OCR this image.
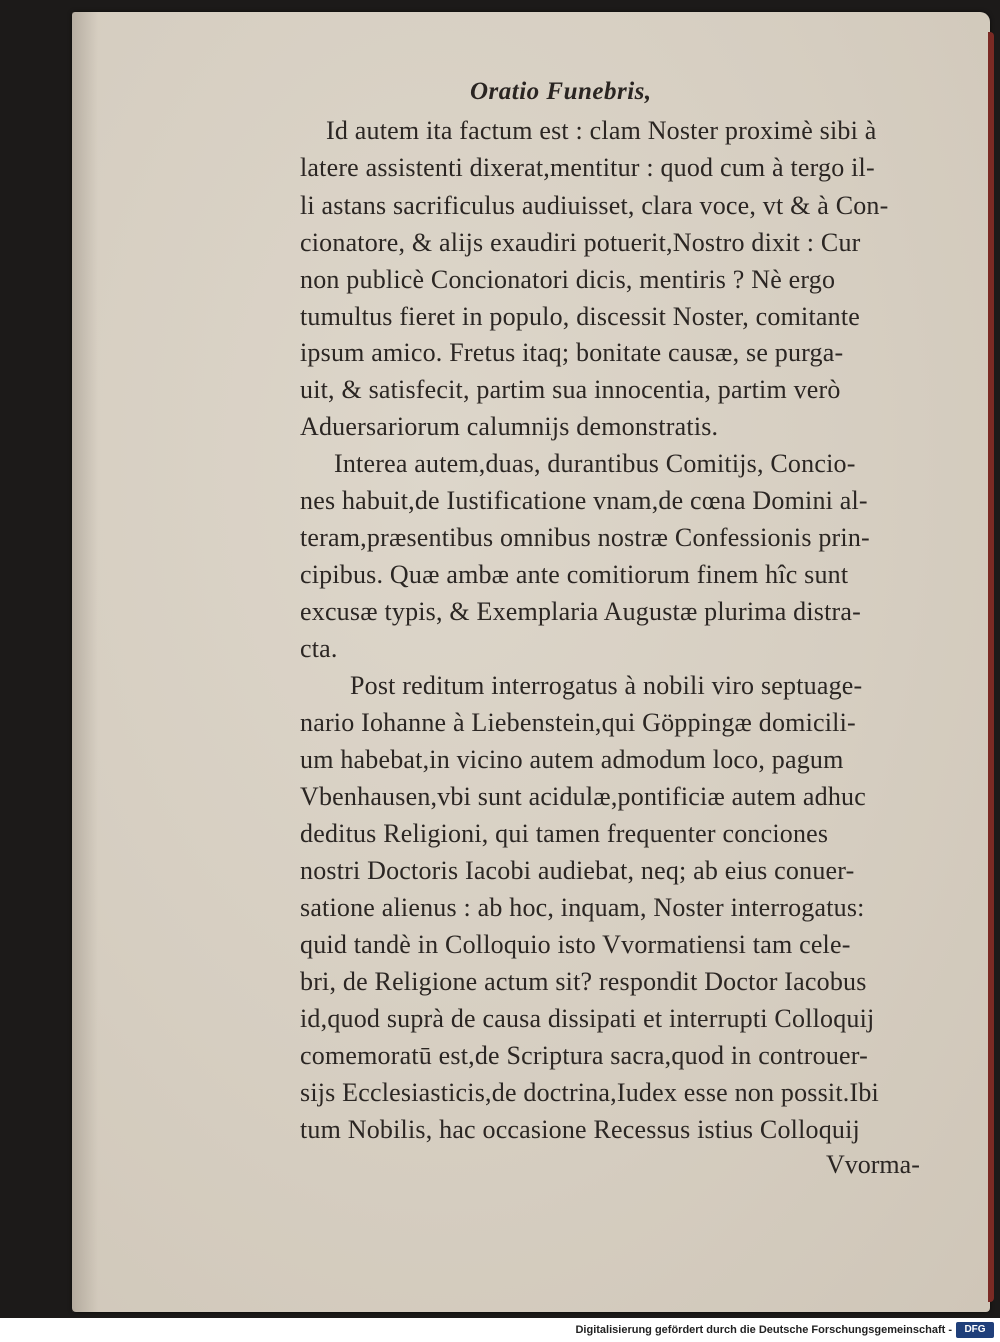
Oratio Funebris,
Id autem ita factum est : clam Noster proximè sibi à
latere assistenti dixerat,mentitur : quod cum à tergo il-
li astans sacrificulus audiuisset, clara voce, vt & à Con-
cionatore, & alijs exaudiri potuerit,Nostro dixit : Cur
non publicè Concionatori dicis, mentiris ? Nè ergo
tumultus fieret in populo, discessit Noster, comitante
ipsum amico. Fretus itaq; bonitate causæ, se purga-
uit, & satisfecit, partim sua innocentia, partim verò
Aduersariorum calumnijs demonstratis.
Interea autem,duas, durantibus Comitijs, Concio-
nes habuit,de Iustificatione vnam,de cœna Domini al-
teram,præsentibus omnibus nostræ Confessionis prin-
cipibus. Quæ ambæ ante comitiorum finem hîc sunt
excusæ typis, & Exemplaria Augustæ plurima distra-
cta.
Post reditum interrogatus à nobili viro septuage-
nario Iohanne à Liebenstein,qui Göppingæ domicili-
um habebat,in vicino autem admodum loco, pagum
Vbenhausen,vbi sunt acidulæ,pontificiæ autem adhuc
deditus Religioni, qui tamen frequenter conciones
nostri Doctoris Iacobi audiebat, neq; ab eius conuer-
satione alienus : ab hoc, inquam, Noster interrogatus:
quid tandè in Colloquio isto Vvormatiensi tam cele-
bri, de Religione actum sit? respondit Doctor Iacobus
id,quod suprà de causa dissipati et interrupti Colloquij
comemoratū est,de Scriptura sacra,quod in controuer-
sijs Ecclesiasticis,de doctrina,Iudex esse non possit.Ibi
tum Nobilis, hac occasione Recessus istius Colloquij
Vvorma-
Digitalisierung gefördert durch die Deutsche Forschungsgemeinschaft -	DFG
